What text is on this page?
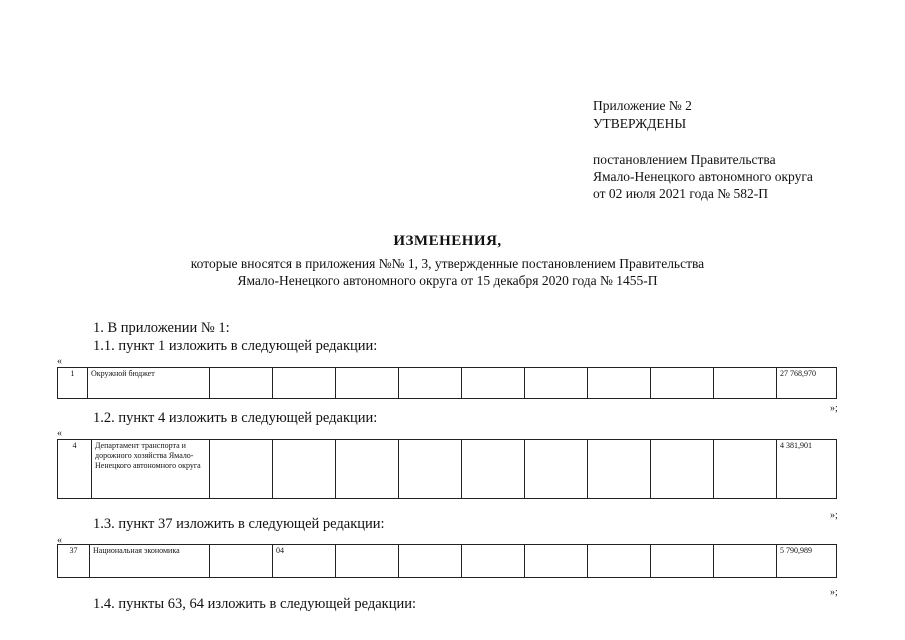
Приложение № 2
УТВЕРЖДЕНЫ
постановлением Правительства
Ямало-Ненецкого автономного округа
от 02 июля 2021 года № 582-П
ИЗМЕНЕНИЯ,
которые вносятся в приложения №№ 1, 3, утвержденные постановлением Правительства
Ямало-Ненецкого автономного округа от 15 декабря 2020 года № 1455-П
1. В приложении № 1:
1.1. пункт 1 изложить в следующей редакции:
«
1	Окружной бюджет										27 768,970
»;
1.2. пункт 4 изложить в следующей редакции:
«
4	Департамент транспорта и дорожного хозяйства Ямало-Ненецкого автономного округа										4 381,901
»;
1.3. пункт 37 изложить в следующей редакции:
«
37	Национальная экономика		04								5 790,989
»;
1.4. пункты 63, 64 изложить в следующей редакции:
